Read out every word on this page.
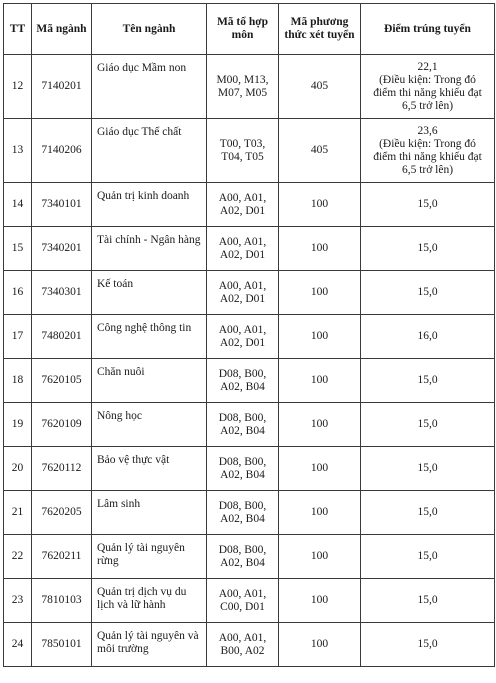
TT	Mã ngành	Tên ngành	Mã tổ hợp môn	Mã phương thức xét tuyển	Điểm trúng tuyển
12	7140201	Giáo dục Mầm non	M00, M13, M07, M05	405	22,1
(Điều kiện: Trong đó điểm thi năng khiếu đạt 6,5 trở lên)

13	7140206	Giáo dục Thể chất	T00, T03, T04, T05	405	23,6
(Điều kiện: Trong đó điểm thi năng khiếu đạt 6,5 trở lên)

14	7340101	Quản trị kinh doanh	A00, A01, A02, D01	100	15,0

15	7340201	Tài chính - Ngân hàng	A00, A01, A02, D01	100	15,0

16	7340301	Kế toán	A00, A01, A02, D01	100	15,0

17	7480201	Công nghệ thông tin	A00, A01, A02, D01	100	16,0

18	7620105	Chăn nuôi	D08, B00, A02, B04	100	15,0

19	7620109	Nông học	D08, B00, A02, B04	100	15,0

20	7620112	Bảo vệ thực vật	D08, B00, A02, B04	100	15,0

21	7620205	Lâm sinh	D08, B00, A02, B04	100	15,0

22	7620211	Quản lý tài nguyên rừng	D08, B00, A02, B04	100	15,0

23	7810103	Quản trị dịch vụ du lịch và lữ hành	A00, A01, C00, D01	100	15,0

24	7850101	Quản lý tài nguyên và môi trường	A00, A01, B00, A02	100	15,0
